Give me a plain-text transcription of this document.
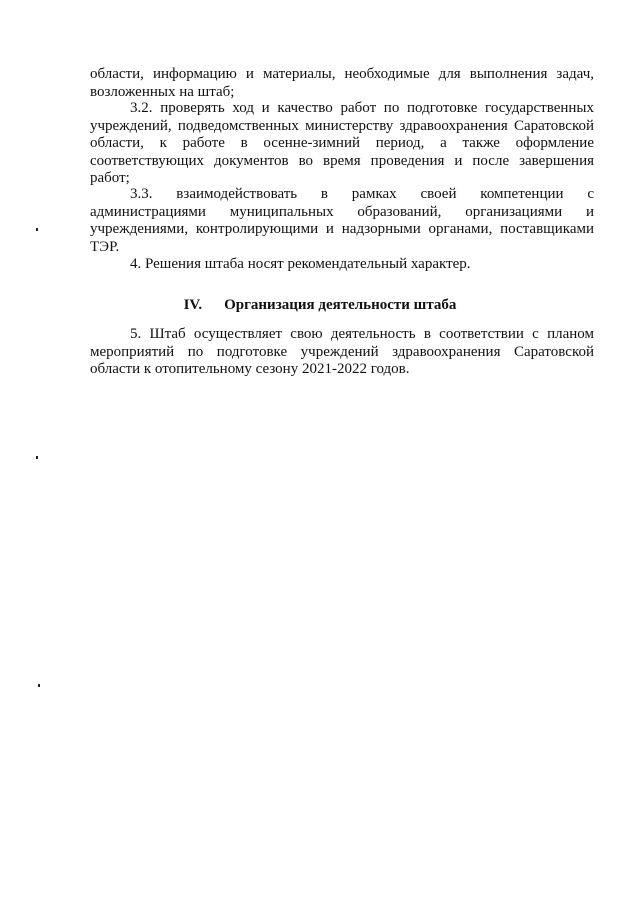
области, информацию и материалы, необходимые для выполнения задач,
возложенных на штаб;
3.2. проверять ход и качество работ по подготовке государственных
учреждений, подведомственных министерству здравоохранения Саратовской
области, к работе в осенне-зимний период, а также оформление
соответствующих документов во время проведения и после завершения
работ;
3.3. взаимодействовать в рамках своей компетенции с
администрациями муниципальных образований, организациями и
учреждениями, контролирующими и надзорными органами, поставщиками
ТЭР.
4. Решения штаба носят рекомендательный характер.
IV. Организация деятельности штаба
5. Штаб осуществляет свою деятельность в соответствии с планом
мероприятий по подготовке учреждений здравоохранения Саратовской
области к отопительному сезону 2021-2022 годов.
